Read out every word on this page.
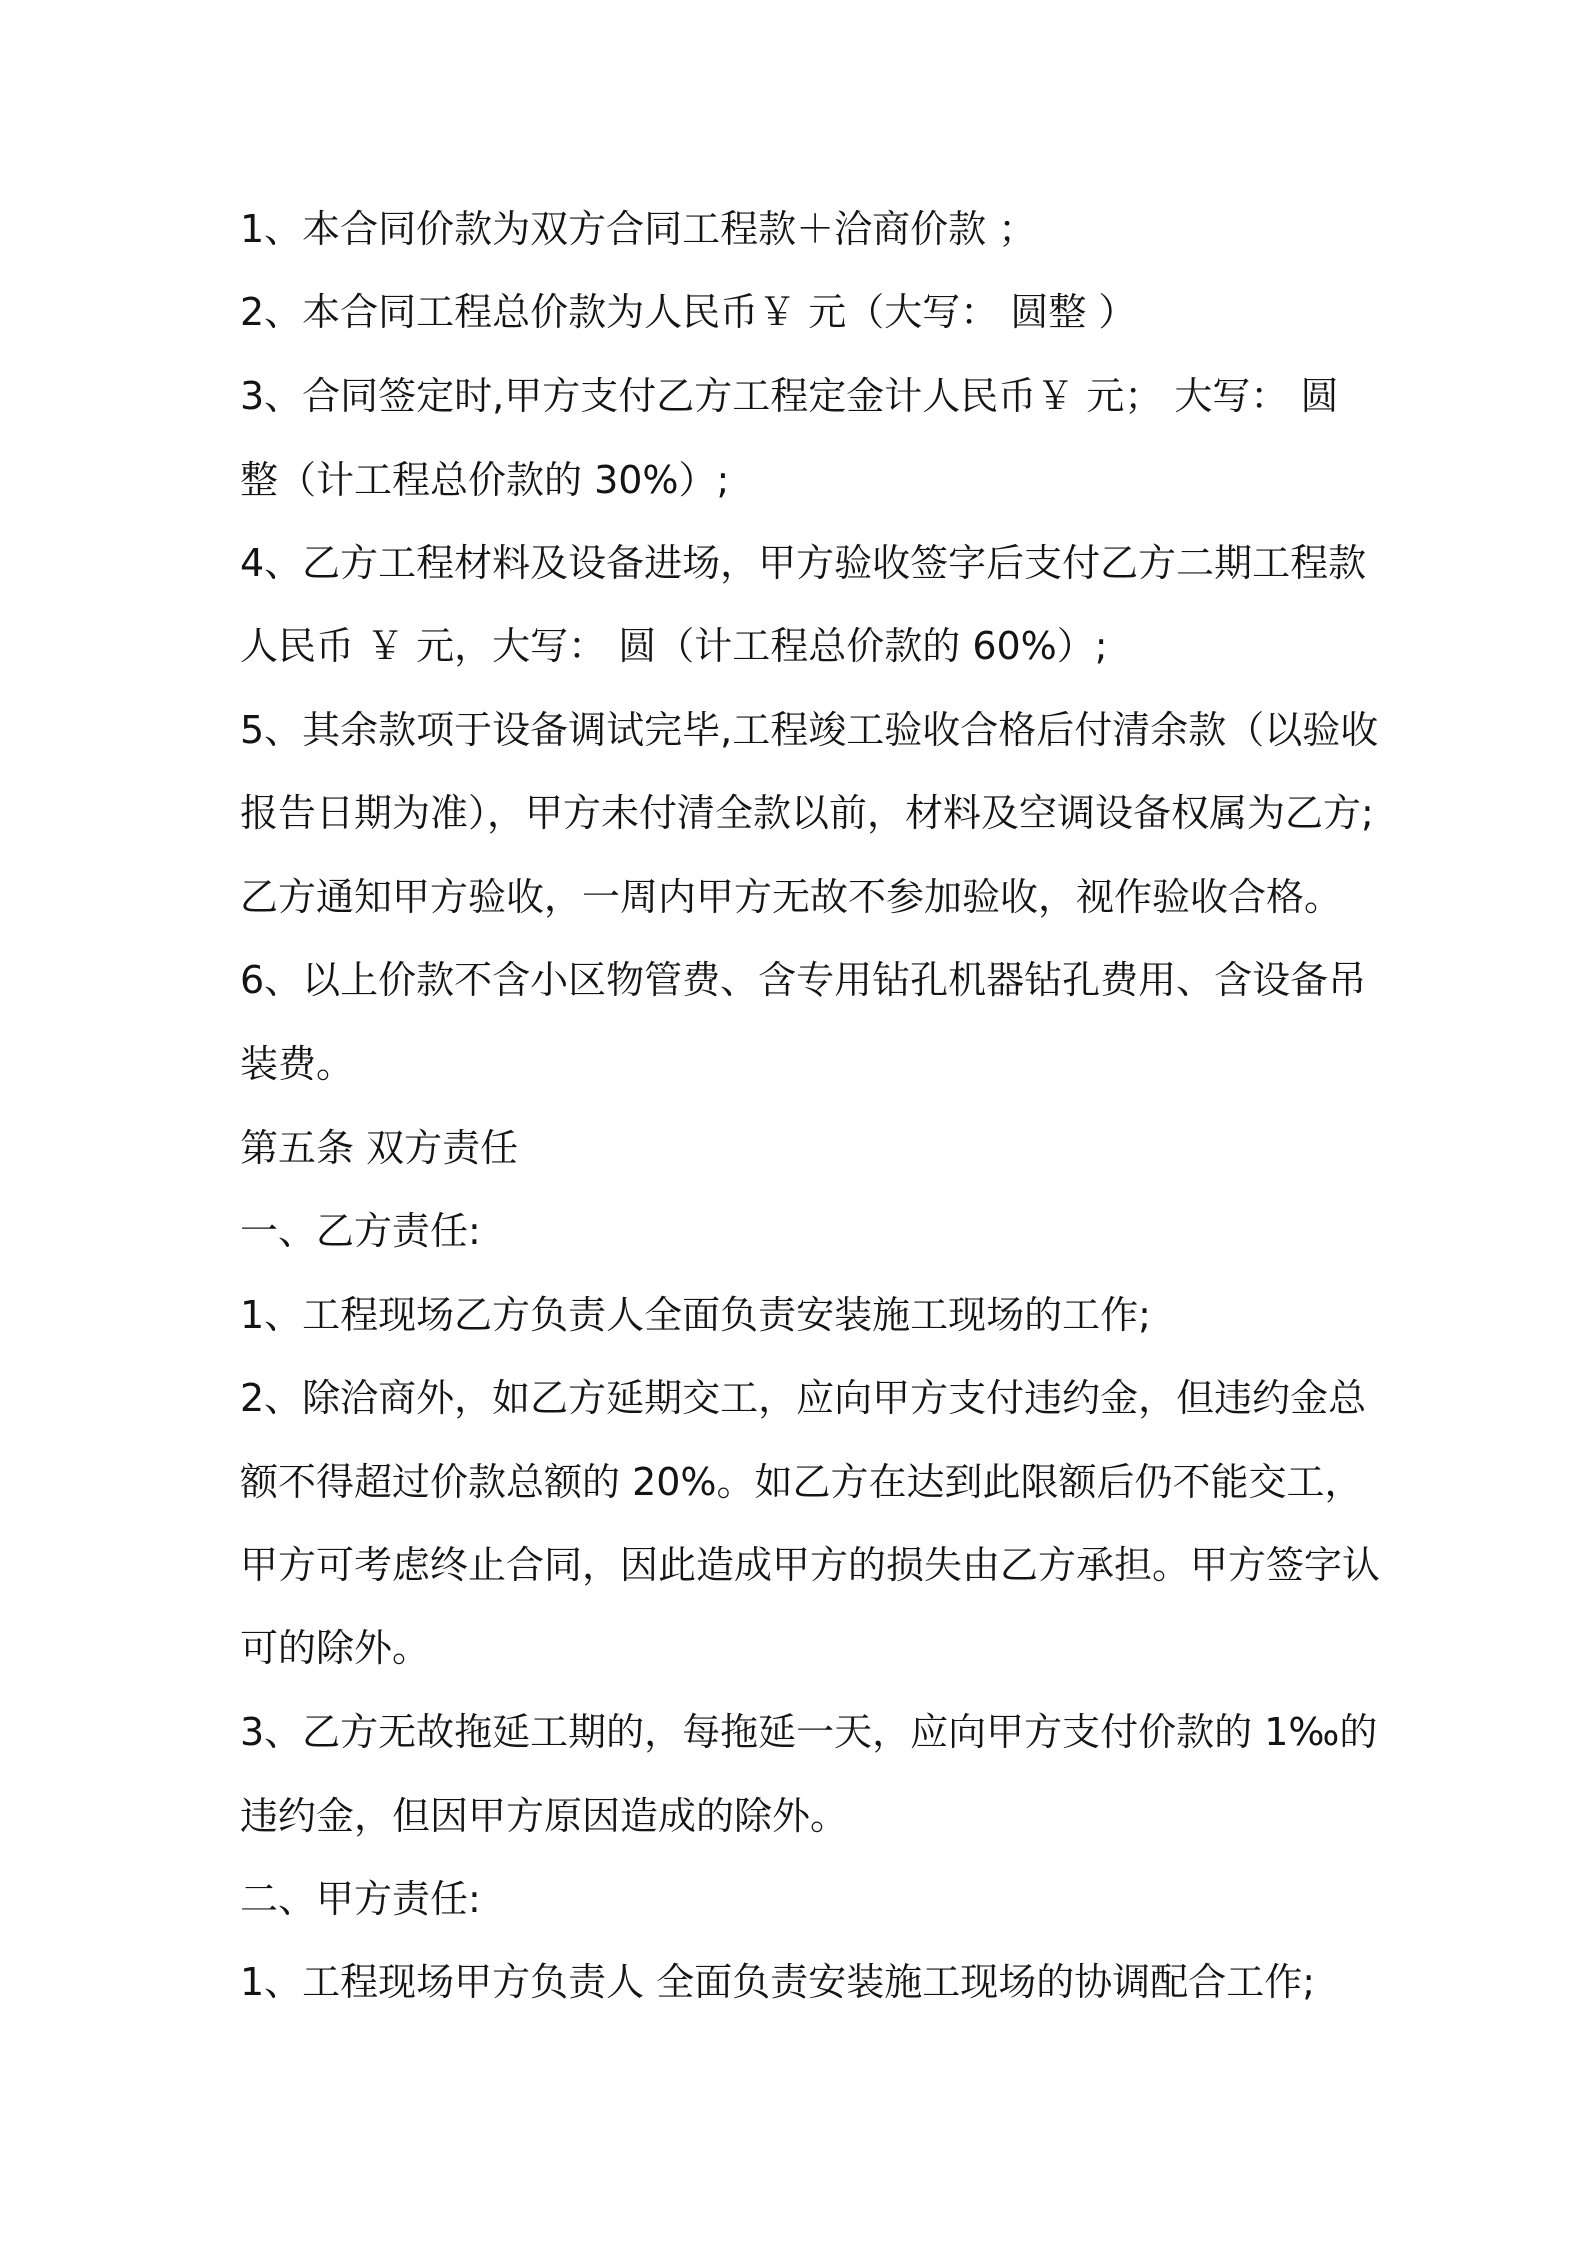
1、本合同价款为双方合同工程款＋洽商价款 ；

2、本合同工程总价款为人民币￥ 元（大写： 圆整 ）

3、合同签定时,甲方支付乙方工程定金计人民币￥ 元； 大写： 圆

整（计工程总价款的 30%）;

4、乙方工程材料及设备进场，甲方验收签字后支付乙方二期工程款

人民币 ￥ 元，大写： 圆（计工程总价款的 60%）;

5、其余款项于设备调试完毕,工程竣工验收合格后付清余款（以验收

报告日期为准），甲方未付清全款以前，材料及空调设备权属为乙方;

乙方通知甲方验收，一周内甲方无故不参加验收，视作验收合格。

6、以上价款不含小区物管费、含专用钻孔机器钻孔费用、含设备吊

装费。

第五条 双方责任

一、乙方责任:

1、工程现场乙方负责人全面负责安装施工现场的工作;

2、除洽商外，如乙方延期交工，应向甲方支付违约金，但违约金总

额不得超过价款总额的 20%。如乙方在达到此限额后仍不能交工，

甲方可考虑终止合同，因此造成甲方的损失由乙方承担。甲方签字认

可的除外。

3、乙方无故拖延工期的，每拖延一天，应向甲方支付价款的 1‰的

违约金，但因甲方原因造成的除外。

二、甲方责任:

1、工程现场甲方负责人 全面负责安装施工现场的协调配合工作;
